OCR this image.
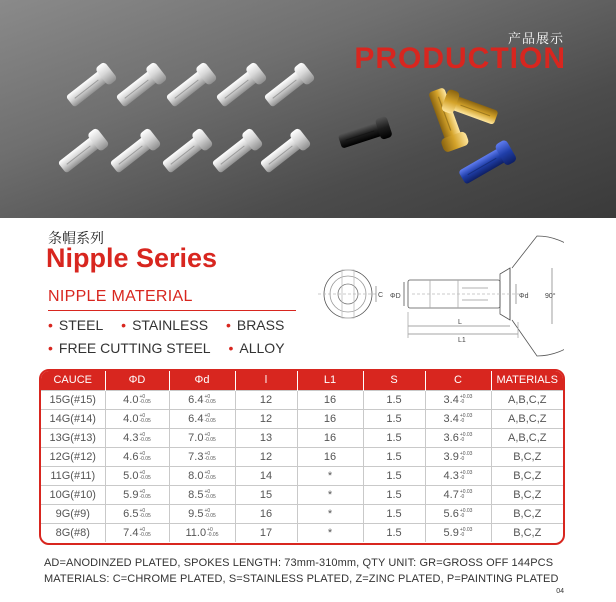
产品展示
PRODUCTION
条帽系列
Nipple Series
NIPPLE MATERIAL
• STEEL • STAINLESS • BRASS • FREE CUTTING STEEL • ALLOY
C ΦD	Φd 90°
L
L1
CAUCE	ΦD	Φd	l	L1	S	C	MATERIALS
15G(#15)	4.0 +0
-0.05	6.4 +0
-0.05	12	16	1.5	3.4 +0.03
-0	A,B,C,Z
14G(#14)	4.0 +0
-0.05	6.4 +0
-0.05	12	16	1.5	3.4 +0.03
-0	A,B,C,Z
13G(#13)	4.3 +0
-0.05	7.0 +0
-0.05	13	16	1.5	3.6 +0.03
-0	A,B,C,Z
12G(#12)	4.6 +0
-0.05	7.3 +0
-0.05	12	16	1.5	3.9 +0.03
-0	B,C,Z
11G(#11)	5.0 +0
-0.05	8.0 +0
-0.05	14	*	1.5	4.3 +0.03
-0	B,C,Z
10G(#10)	5.9 +0
-0.05	8.5 +0
-0.05	15	*	1.5	4.7 +0.03
-0	B,C,Z
9G(#9)	6.5 +0
-0.05	9.5 +0
-0.05	16	*	1.5	5.6 +0.03
-0	B,C,Z
8G(#8)	7.4 +0
-0.05	11.0 +0
-0.05	17	*	1.5	5.9 +0.03
-0	B,C,Z
AD=ANODINZED PLATED, SPOKES LENGTH: 73mm-310mm, QTY UNIT: GR=GROSS OFF 144PCS
MATERIALS: C=CHROME PLATED, S=STAINLESS PLATED, Z=ZINC PLATED, P=PAINTING PLATED
04
